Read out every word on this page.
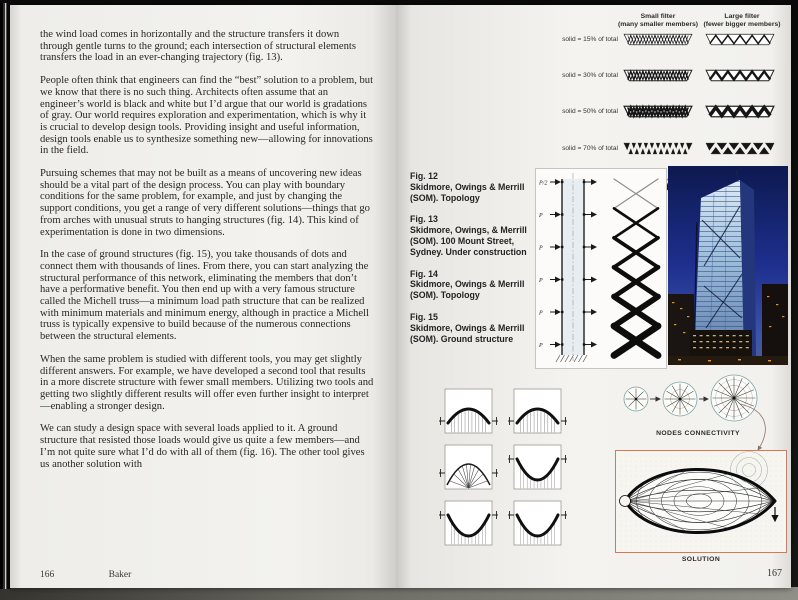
the wind load comes in horizontally and the structure transfers it down through gentle turns to the ground; each intersection of structural elements transfers the load in an ever-changing trajectory (fig. 13).

People often think that engineers can find the “best” solution to a problem, but we know that there is no such thing. Architects often assume that an engineer’s world is black and white but I’d argue that our world is gradations of gray. Our world requires exploration and experimentation, which is why it is crucial to develop design tools. Providing insight and useful information, design tools enable us to synthesize something new—allowing for innovations in the field.

Pursuing schemes that may not be built as a means of uncovering new ideas should be a vital part of the design process. You can play with boundary conditions for the same problem, for example, and just by changing the support conditions, you get a range of very different solutions—things that go from arches with unusual struts to hanging structures (fig. 14). This kind of experimentation is done in two dimensions.

In the case of ground structures (fig. 15), you take thousands of dots and connect them with thousands of lines. From there, you can start analyzing the structural performance of this network, eliminating the members that don’t have a performative benefit. You then end up with a very famous structure called the Michell truss—a minimum load path structure that can be realized with minimum materials and minimum energy, although in practice a Michell truss is typically expensive to build because of the numerous connections between the structural elements.

When the same problem is studied with different tools, you may get slightly different answers. For example, we have developed a second tool that results in a more discrete structure with fewer small members. Utilizing two tools and getting two slightly different results will offer even further insight to interpret—enabling a stronger design.

We can study a design space with several loads applied to it. A ground structure that resisted those loads would give us quite a few members—and I’m not quite sure what I’d do with all of them (fig. 16). The other tool gives us another solution with

166	Baker
Small filter
(many smaller members)
Large filter
(fewer bigger members)
solid = 15% of total
solid = 30% of total
solid = 50% of total
solid = 70% of total
Fig. 12
Skidmore, Owings & Merrill (SOM). Topology
Fig. 13
Skidmore, Owings, & Merrill (SOM). 100 Mount Street, Sydney. Under construction
Fig. 14
Skidmore, Owings & Merrill (SOM). Topology
Fig. 15
Skidmore, Owings & Merrill (SOM). Ground structure
P/2
P
P
P
P
P
NODES CONNECTIVITY
SOLUTION
167
